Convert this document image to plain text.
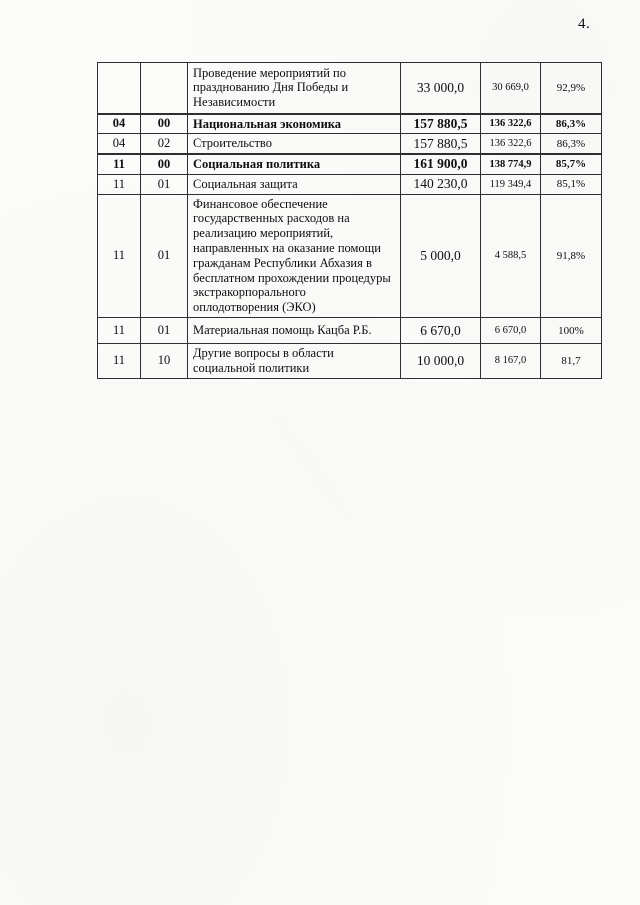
4.
		Проведение мероприятий по празднованию Дня Победы и Независимости	33 000,0	30 669,0	92,9%
04	00	Национальная экономика	157 880,5	136 322,6	86,3%
04	02	Строительство	157 880,5	136 322,6	86,3%
11	00	Социальная политика	161 900,0	138 774,9	85,7%
11	01	Социальная защита	140 230,0	119 349,4	85,1%
11	01	Финансовое обеспечение государственных расходов на реализацию мероприятий, направленных на оказание помощи гражданам Республики Абхазия в бесплатном прохождении процедуры экстракорпорального оплодотворения (ЭКО)	5 000,0	4 588,5	91,8%
11	01	Материальная помощь Кацба Р.Б.	6 670,0	6 670,0	100%
11	10	Другие вопросы в области социальной политики	10 000,0	8 167,0	81,7
